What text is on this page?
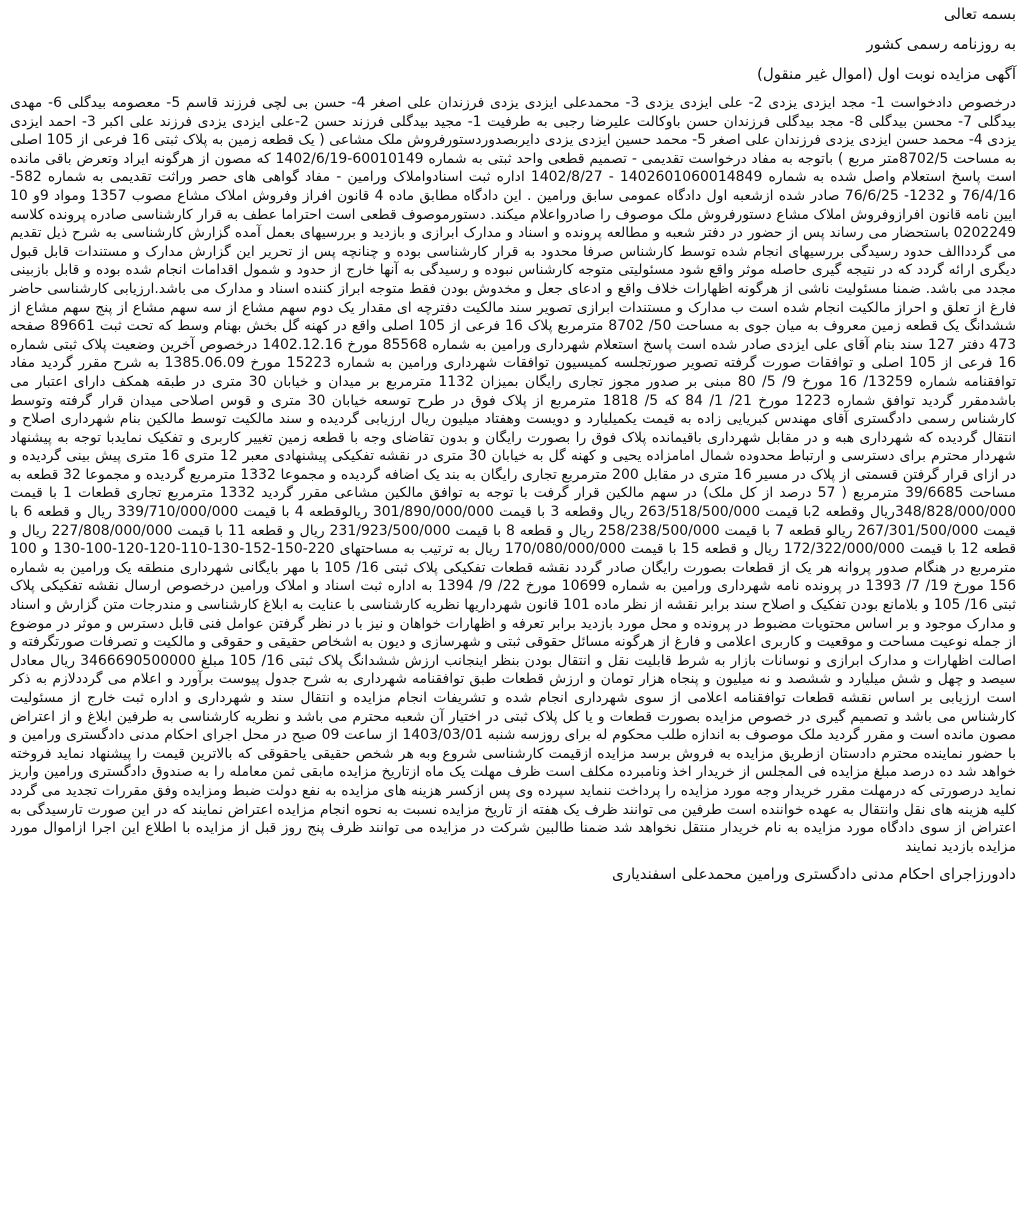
بسمه تعالی

به روزنامه رسمی کشور

آگهی مزایده نوبت اول (اموال غیر منقول)

درخصوص دادخواست 1- مجد ایزدی یزدی 2- علی ایزدی یزدی 3- محمدعلی ایزدی یزدی فرزندان علی اصغر 4- حسن بی لچی فرزند قاسم 5- معصومه بیدگلی 6- مهدی بیدگلی 7- محسن بیدگلی 8- مجد بیدگلی فرزندان حسن باوکالت علیرضا رجبی به طرفیت 1- مجید بیدگلی فرزند حسن 2-علی ایزدی یزدی فرزند علی اکبر 3- احمد ایزدی یزدی 4- محمد حسن ایزدی یزدی فرزندان علی اصغر 5- محمد حسین ایزدی یزدی دایربصدوردستورفروش ملک مشاعی ( یک قطعه زمین به پلاک ثبتی 16 فرعی از 105 اصلی به مساحت 8702/5متر مربع ) باتوجه به مفاد درخواست تقدیمی - تصمیم قطعی واحد ثبتی به شماره 60010149-1402/6/19 که مصون از هرگونه ایراد وتعرض باقی مانده است پاسخ استعلام واصل شده به شماره 1402601060014849 - 1402/8/27 اداره ثبت اسنادواملاک ورامین - مفاد گواهی های حصر وراثت تقدیمی به شماره 582-76/4/16 و 1232- 76/6/25 صادر شده ازشعبه اول دادگاه عمومی سابق ورامین . این دادگاه مطابق ماده 4 قانون افراز وفروش املاک مشاع مصوب 1357 ومواد 9و 10 ایین نامه قانون افرازوفروش املاک مشاع دستورفروش ملک موصوف را صادرواعلام میکند. دستورموصوف قطعی است احتراما عطف به قرار کارشناسی صادره پرونده کلاسه 0202249 باستحضار می رساند پس از حضور در دفتر شعبه و مطالعه پرونده و اسناد و مدارک ابرازی و بازدید و بررسیهای بعمل آمده گزارش کارشناسی به شرح ذیل تقدیم می گردداالف حدود رسیدگی بررسیهای انجام شده توسط کارشناس صرفا محدود به قرار کارشناسی بوده و چنانچه پس از تحریر این گزارش مدارک و مستندات قابل قبول دیگری ارائه گردد که در نتیجه گیری حاصله موثر واقع شود مسئولیتی متوجه کارشناس نبوده و رسیدگی به آنها خارج از حدود و شمول اقدامات انجام شده بوده و قابل بازبینی مجدد می باشد. ضمنا مسئولیت ناشی از هرگونه اظهارات خلاف واقع و ادعای جعل و مخدوش بودن فقط متوجه ابراز کننده اسناد و مدارک می باشد.ارزیابی کارشناسی حاضر فارغ از تعلق و احراز مالکیت انجام شده است ب مدارک و مستندات ابرازی تصویر سند مالکیت دفترچه ای مقدار یک دوم سهم مشاع از سه سهم مشاع از پنج سهم مشاع از ششدانگ یک قطعه زمین معروف به میان جوی به مساحت 50/ 8702 مترمربع پلاک 16 فرعی از 105 اصلی واقع در کهنه گل بخش بهنام وسط که تحت ثبت 89661 صفحه 473 دفتر 127 سند بنام آقای علی ایزدی صادر شده است پاسخ استعلام شهرداری ورامین به شماره 85568 مورخ 1402.12.16 درخصوص آخرین وضعیت پلاک ثبتی شماره 16 فرعی از 105 اصلی و توافقات صورت گرفته تصویر صورتجلسه کمیسیون توافقات شهرداری ورامین به شماره 15223 مورخ 1385.06.09 به شرح مقرر گردید مفاد توافقنامه شماره 13259/ 16 مورخ 9/ 5/ 80 مبنی بر صدور مجوز تجاری رایگان بمیزان 1132 مترمربع بر میدان و خیابان 30 متری در طبقه همکف دارای اعتبار می باشدمقرر گردید توافق شماره 1223 مورخ 21/ 1/ 84 که 5/ 1818 مترمربع از پلاک فوق در طرح توسعه خیابان 30 متری و قوس اصلاحی میدان قرار گرفته وتوسط کارشناس رسمی دادگستری آقای مهندس کبریایی زاده به قیمت یکمیلیارد و دویست وهفتاد میلیون ریال ارزیابی گردیده و سند مالکیت توسط مالکین بنام شهرداری اصلاح و انتقال گردیده که شهرداری هبه و در مقابل شهرداری باقیمانده پلاک فوق را بصورت رایگان و بدون تقاضای وجه با قطعه زمین تغییر کاربری و تفکیک نمایدبا توجه به پیشنهاد شهردار محترم برای دسترسی و ارتباط محدوده شمال امامزاده یحیی و کهنه گل به خیابان 30 متری در نقشه تفکیکی پیشنهادی معبر 12 متری 16 متری پیش بینی گردیده و در ازای قرار گرفتن قسمتی از پلاک در مسیر 16 متری در مقابل 200 مترمربع تجاری رایگان به بند یک اضافه گردیده و مجموعا 1332 مترمربع گردیده و مجموعا 32 قطعه به مساحت 39/6685 مترمربع ( 57 درصد از کل ملک) در سهم مالکین قرار گرفت با توجه به توافق مالکین مشاعی مقرر گردید 1332 مترمربع تجاری قطعات 1 با قیمت 348/828/000/000ریال وقطعه 2با قیمت 263/518/500/000 ریال وقطعه 3 با قیمت 301/890/000/000 ریالوقطعه 4 با قیمت 339/710/000/000 ریال و قطعه 6 با قیمت 267/301/500/000 ریالو قطعه 7 با قیمت 258/238/500/000 ریال و قطعه 8 با قیمت 231/923/500/000 ریال و قطعه 11 با قیمت 227/808/000/000 ریال و قطعه 12 با قیمت 172/322/000/000 ریال و قطعه 15 با قیمت 170/080/000/000 ریال به ترتیب به مساحتهای 220-150-152-130-110-120-120-100-130 و 100 مترمربع در هنگام صدور پروانه هر یک از قطعات بصورت رایگان صادر گردد نقشه قطعات تفکیکی پلاک ثبتی 16/ 105 با مهر بایگانی شهرداری منطقه یک ورامین به شماره 156 مورخ 19/ 7/ 1393 در پرونده نامه شهرداری ورامین به شماره 10699 مورخ 22/ 9/ 1394 به اداره ثبت اسناد و املاک ورامین درخصوص ارسال نقشه تفکیکی پلاک ثبتی 16/ 105 و بلامانع بودن تفکیک و اصلاح سند برابر نقشه از نظر ماده 101 قانون شهرداریها نظریه کارشناسی با عنایت به ابلاغ کارشناسی و مندرجات متن گزارش و اسناد و مدارک موجود و بر اساس محتویات مضبوط در پرونده و محل مورد بازدید برابر تعرفه و اظهارات خواهان و نیز با در نظر گرفتن عوامل فنی قابل دسترس و موثر در موضوع از جمله نوعیت مساحت و موقعیت و کاربری اعلامی و فارغ از هرگونه مسائل حقوقی ثبتی و شهرسازی و دیون به اشخاص حقیقی و حقوقی و مالکیت و تصرفات صورتگرفته و اصالت اظهارات و مدارک ابرازی و نوسانات بازار به شرط قابلیت نقل و انتقال بودن بنظر اینجانب ارزش ششدانگ پلاک ثبتی 16/ 105 مبلغ 3466690500000 ریال معادل سیصد و چهل و شش میلیارد و ششصد و نه میلیون و پنجاه هزار تومان و ارزش قطعات طبق توافقنامه شهرداری به شرح جدول پیوست برآورد و اعلام می گرددلازم به ذکر است ارزیابی بر اساس نقشه قطعات توافقنامه اعلامی از سوی شهرداری انجام شده و تشریفات انجام مزایده و انتقال سند و شهرداری و اداره ثبت خارج از مسئولیت کارشناس می باشد و تصمیم گیری در خصوص مزایده بصورت قطعات و یا کل پلاک ثبتی در اختیار آن شعبه محترم می باشد و نظریه کارشناسی به طرفین ابلاغ و از اعتراض مصون مانده است و مقرر گردید ملک موصوف به اندازه طلب محکوم له برای روزسه شنبه 1403/03/01 از ساعت 09 صبح در محل اجرای احکام مدنی دادگستری ورامین و با حضور نماینده محترم دادستان ازطریق مزایده به فروش برسد مزایده ازقیمت کارشناسی شروع وبه هر شخص حقیقی یاحقوقی که بالاترین قیمت را پیشنهاد نماید فروخته خواهد شد ده درصد مبلغ مزایده فی المجلس از خریدار اخذ ونامبرده مکلف است ظرف مهلت یک ماه ازتاریخ مزایده مابقی ثمن معامله را به صندوق دادگستری ورامین واریز نماید درصورتی که درمهلت مقرر خریدار وجه مورد مزایده را پرداخت ننماید سپرده وی پس ازکسر هزینه های مزایده به نفع دولت ضبط ومزایده وفق مقررات تجدید می گردد کلیه هزینه های نقل وانتقال به عهده خواننده است طرفین می توانند ظرف یک هفته از تاریخ مزایده نسبت به نحوه انجام مزایده اعتراض نمایند که در این صورت تارسیدگی به اعتراض از سوی دادگاه مورد مزایده به نام خریدار منتقل نخواهد شد ضمنا طالبین شرکت در مزایده می توانند ظرف پنج روز قبل از مزایده با اطلاع این اجرا ازاموال مورد مزایده بازدید نمایند

دادورزاجرای احکام مدنی دادگستری ورامین محمدعلی اسفندیاری
